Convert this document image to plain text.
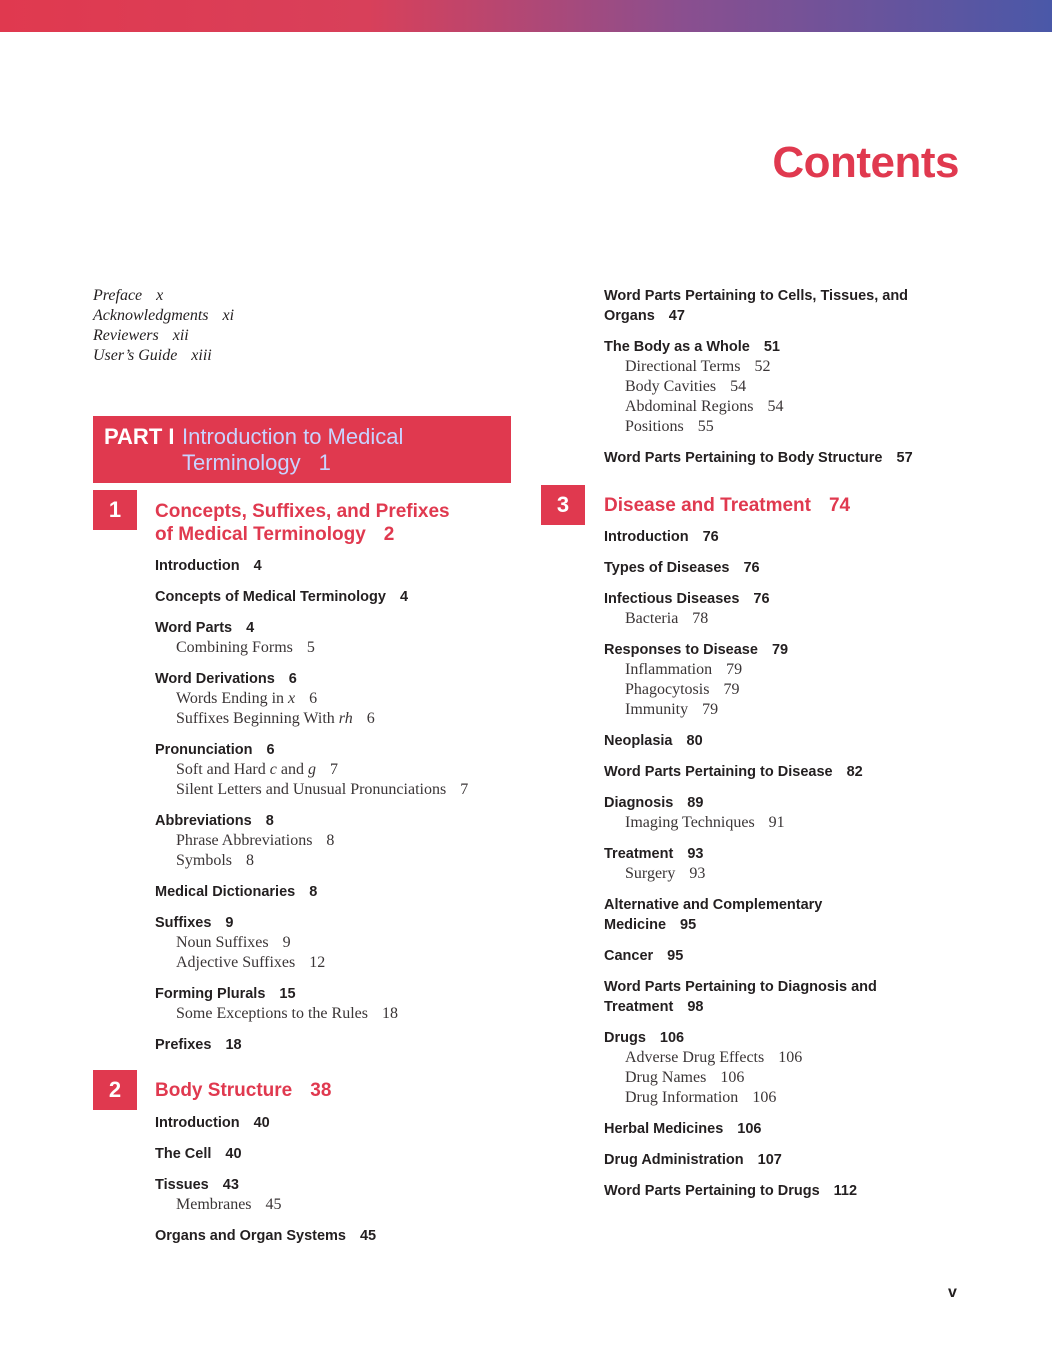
Contents
Preface x
Acknowledgments xi
Reviewers xii
User’s Guide xiii
PART I Introduction to Medical
Terminology 1
1	Concepts, Suffixes, and Prefixes
of Medical Terminology 2
Introduction 4
Concepts of Medical Terminology 4
Word Parts 4
Combining Forms 5
Word Derivations 6
Words Ending in x 6
Suffixes Beginning With rh 6
Pronunciation 6
Soft and Hard c and g 7
Silent Letters and Unusual Pronunciations 7
Abbreviations 8
Phrase Abbreviations 8
Symbols 8
Medical Dictionaries 8
Suffixes 9
Noun Suffixes 9
Adjective Suffixes 12
Forming Plurals 15
Some Exceptions to the Rules 18
Prefixes 18
2	Body Structure 38
Introduction 40
The Cell 40
Tissues 43
Membranes 45
Organs and Organ Systems 45
Word Parts Pertaining to Cells, Tissues, and
Organs 47
The Body as a Whole 51
Directional Terms 52
Body Cavities 54
Abdominal Regions 54
Positions 55
Word Parts Pertaining to Body Structure 57
3	Disease and Treatment 74
Introduction 76
Types of Diseases 76
Infectious Diseases 76
Bacteria 78
Responses to Disease 79
Inflammation 79
Phagocytosis 79
Immunity 79
Neoplasia 80
Word Parts Pertaining to Disease 82
Diagnosis 89
Imaging Techniques 91
Treatment 93
Surgery 93
Alternative and Complementary
Medicine 95
Cancer 95
Word Parts Pertaining to Diagnosis and
Treatment 98
Drugs 106
Adverse Drug Effects 106
Drug Names 106
Drug Information 106
Herbal Medicines 106
Drug Administration 107
Word Parts Pertaining to Drugs 112
v
